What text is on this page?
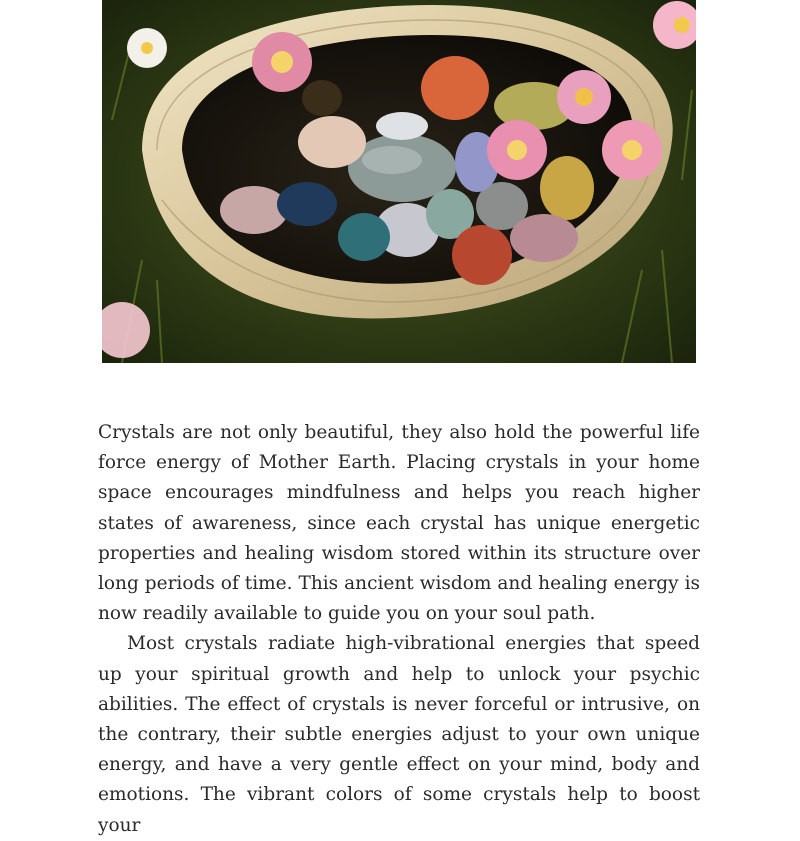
Crystals are not only beautiful, they also hold the powerful life force energy of Mother Earth. Placing crystals in your home space encourages mindfulness and helps you reach higher states of awareness, since each crystal has unique energetic properties and healing wisdom stored within its structure over long periods of time. This ancient wisdom and healing energy is now readily available to guide you on your soul path.

Most crystals radiate high-vibrational energies that speed up your spiritual growth and help to unlock your psychic abilities. The effect of crystals is never forceful or intrusive, on the contrary, their subtle energies adjust to your own unique energy, and have a very gentle effect on your mind, body and emotions. The vibrant colors of some crystals help to boost your
